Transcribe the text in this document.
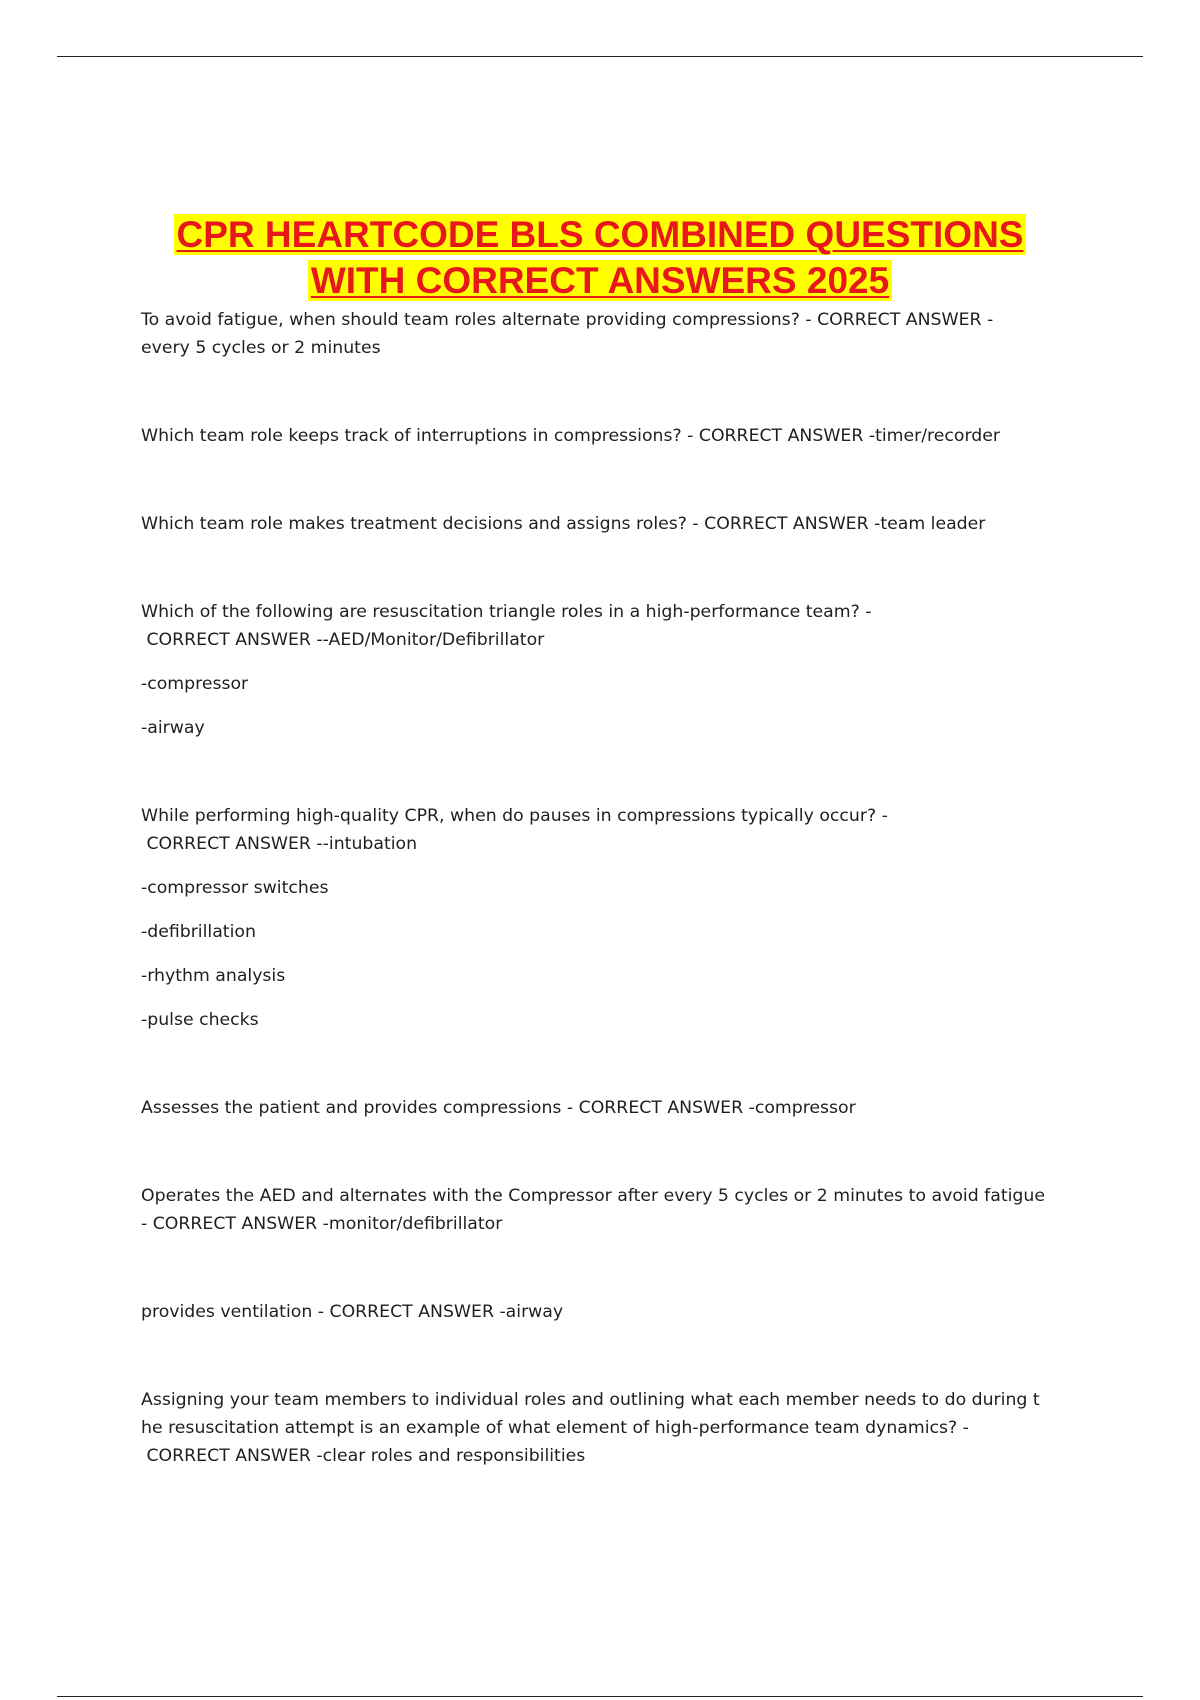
CPR HEARTCODE BLS COMBINED QUESTIONS
WITH CORRECT ANSWERS 2025
To avoid fatigue, when should team roles alternate providing compressions? - CORRECT ANSWER -
every 5 cycles or 2 minutes
Which team role keeps track of interruptions in compressions? - CORRECT ANSWER -timer/recorder
Which team role makes treatment decisions and assigns roles? - CORRECT ANSWER -team leader
Which of the following are resuscitation triangle roles in a high-performance team? -
CORRECT ANSWER --AED/Monitor/Defibrillator
-compressor
-airway
While performing high-quality CPR, when do pauses in compressions typically occur? -
CORRECT ANSWER --intubation
-compressor switches
-defibrillation
-rhythm analysis
-pulse checks
Assesses the patient and provides compressions - CORRECT ANSWER -compressor
Operates the AED and alternates with the Compressor after every 5 cycles or 2 minutes to avoid fatigue
- CORRECT ANSWER -monitor/defibrillator
provides ventilation - CORRECT ANSWER -airway
Assigning your team members to individual roles and outlining what each member needs to do during t
he resuscitation attempt is an example of what element of high-performance team dynamics? -
CORRECT ANSWER -clear roles and responsibilities
